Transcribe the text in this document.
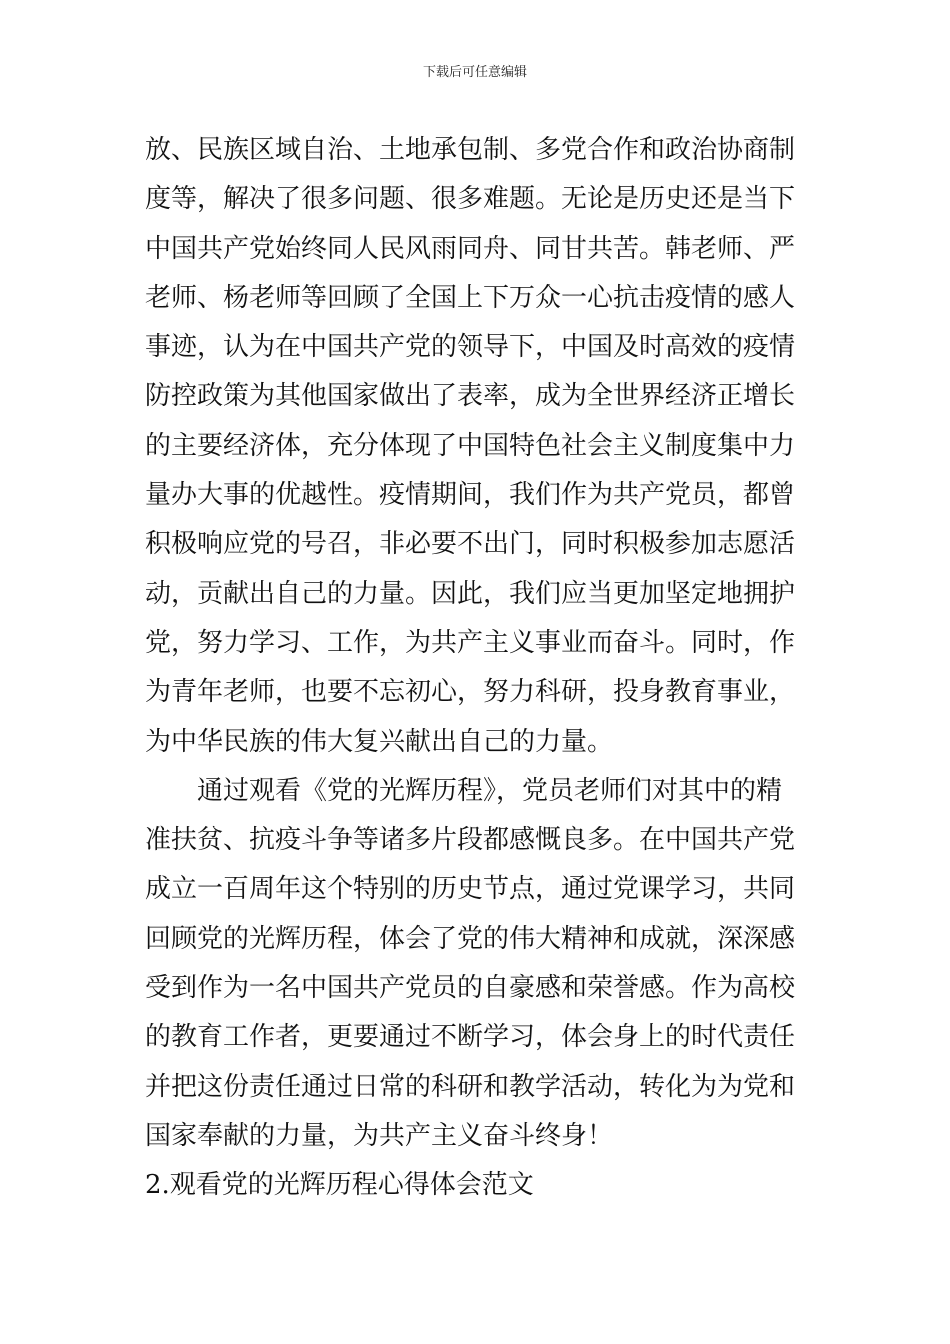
下载后可任意编辑
放、民族区域自治、土地承包制、多党合作和政治协商制
度等，解决了很多问题、很多难题。无论是历史还是当下
中国共产党始终同人民风雨同舟、同甘共苦。韩老师、严
老师、杨老师等回顾了全国上下万众一心抗击疫情的感人
事迹，认为在中国共产党的领导下，中国及时高效的疫情
防控政策为其他国家做出了表率，成为全世界经济正增长
的主要经济体，充分体现了中国特色社会主义制度集中力
量办大事的优越性。疫情期间，我们作为共产党员，都曾
积极响应党的号召，非必要不出门，同时积极参加志愿活
动，贡献出自己的力量。因此，我们应当更加坚定地拥护
党，努力学习、工作，为共产主义事业而奋斗。同时，作
为青年老师，也要不忘初心，努力科研，投身教育事业，
为中华民族的伟大复兴献出自己的力量。
通过观看《党的光辉历程》，党员老师们对其中的精
准扶贫、抗疫斗争等诸多片段都感慨良多。在中国共产党
成立一百周年这个特别的历史节点，通过党课学习，共同
回顾党的光辉历程，体会了党的伟大精神和成就，深深感
受到作为一名中国共产党员的自豪感和荣誉感。作为高校
的教育工作者，更要通过不断学习，体会身上的时代责任
并把这份责任通过日常的科研和教学活动，转化为为党和
国家奉献的力量，为共产主义奋斗终身！
2.观看党的光辉历程心得体会范文
